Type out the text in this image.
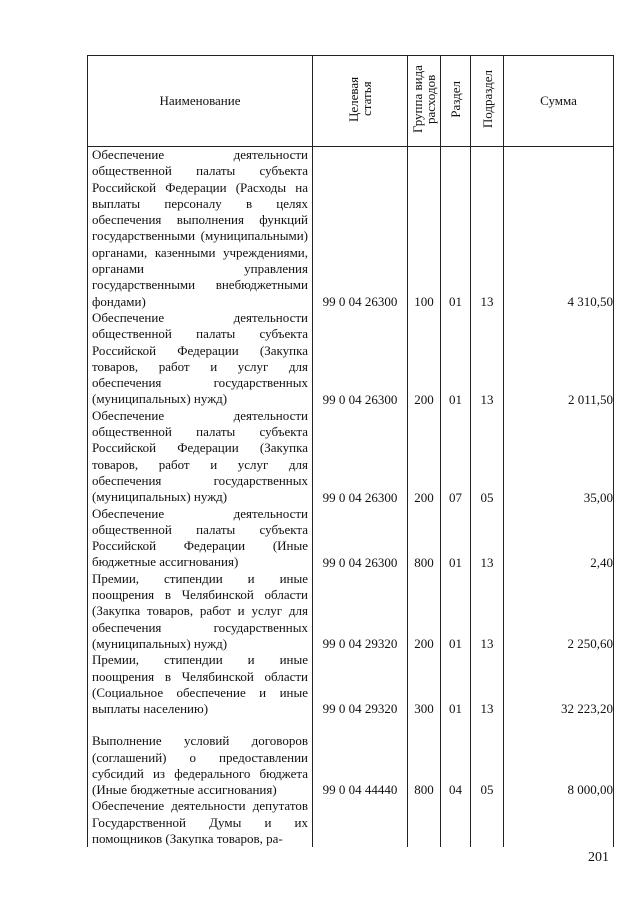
Наименование	Целевая статья	Группа вида расходов	Раздел	Подраздел	Сумма

Обеспечение деятельности общественной палаты субъекта Российской Федерации (Расходы на выплаты персоналу в целях обеспечения выполнения функций государственными (муниципальными) органами, казенными учреждениями, органами управления государственными внебюджетными фондами)	99 0 04 26300	100	01	13	4 310,50

Обеспечение деятельности общественной палаты субъекта Российской Федерации (Закупка товаров, работ и услуг для обеспечения государственных (муниципальных) нужд)	99 0 04 26300	200	01	13	2 011,50

Обеспечение деятельности общественной палаты субъекта Российской Федерации (Закупка товаров, работ и услуг для обеспечения государственных (муниципальных) нужд)	99 0 04 26300	200	07	05	35,00

Обеспечение деятельности общественной палаты субъекта Российской Федерации (Иные бюджетные ассигнования)	99 0 04 26300	800	01	13	2,40

Премии, стипендии и иные поощрения в Челябинской области (Закупка товаров, работ и услуг для обеспечения государственных (муниципальных) нужд)	99 0 04 29320	200	01	13	2 250,60

Премии, стипендии и иные поощрения в Челябинской области (Социальное обеспечение и иные выплаты населению)	99 0 04 29320	300	01	13	32 223,20

Выполнение условий договоров (соглашений) о предоставлении субсидий из федерального бюджета (Иные бюджетные ассигнования)	99 0 04 44440	800	04	05	8 000,00

Обеспечение деятельности депутатов Государственной Думы и их помощников (Закупка товаров, ра-					

201
